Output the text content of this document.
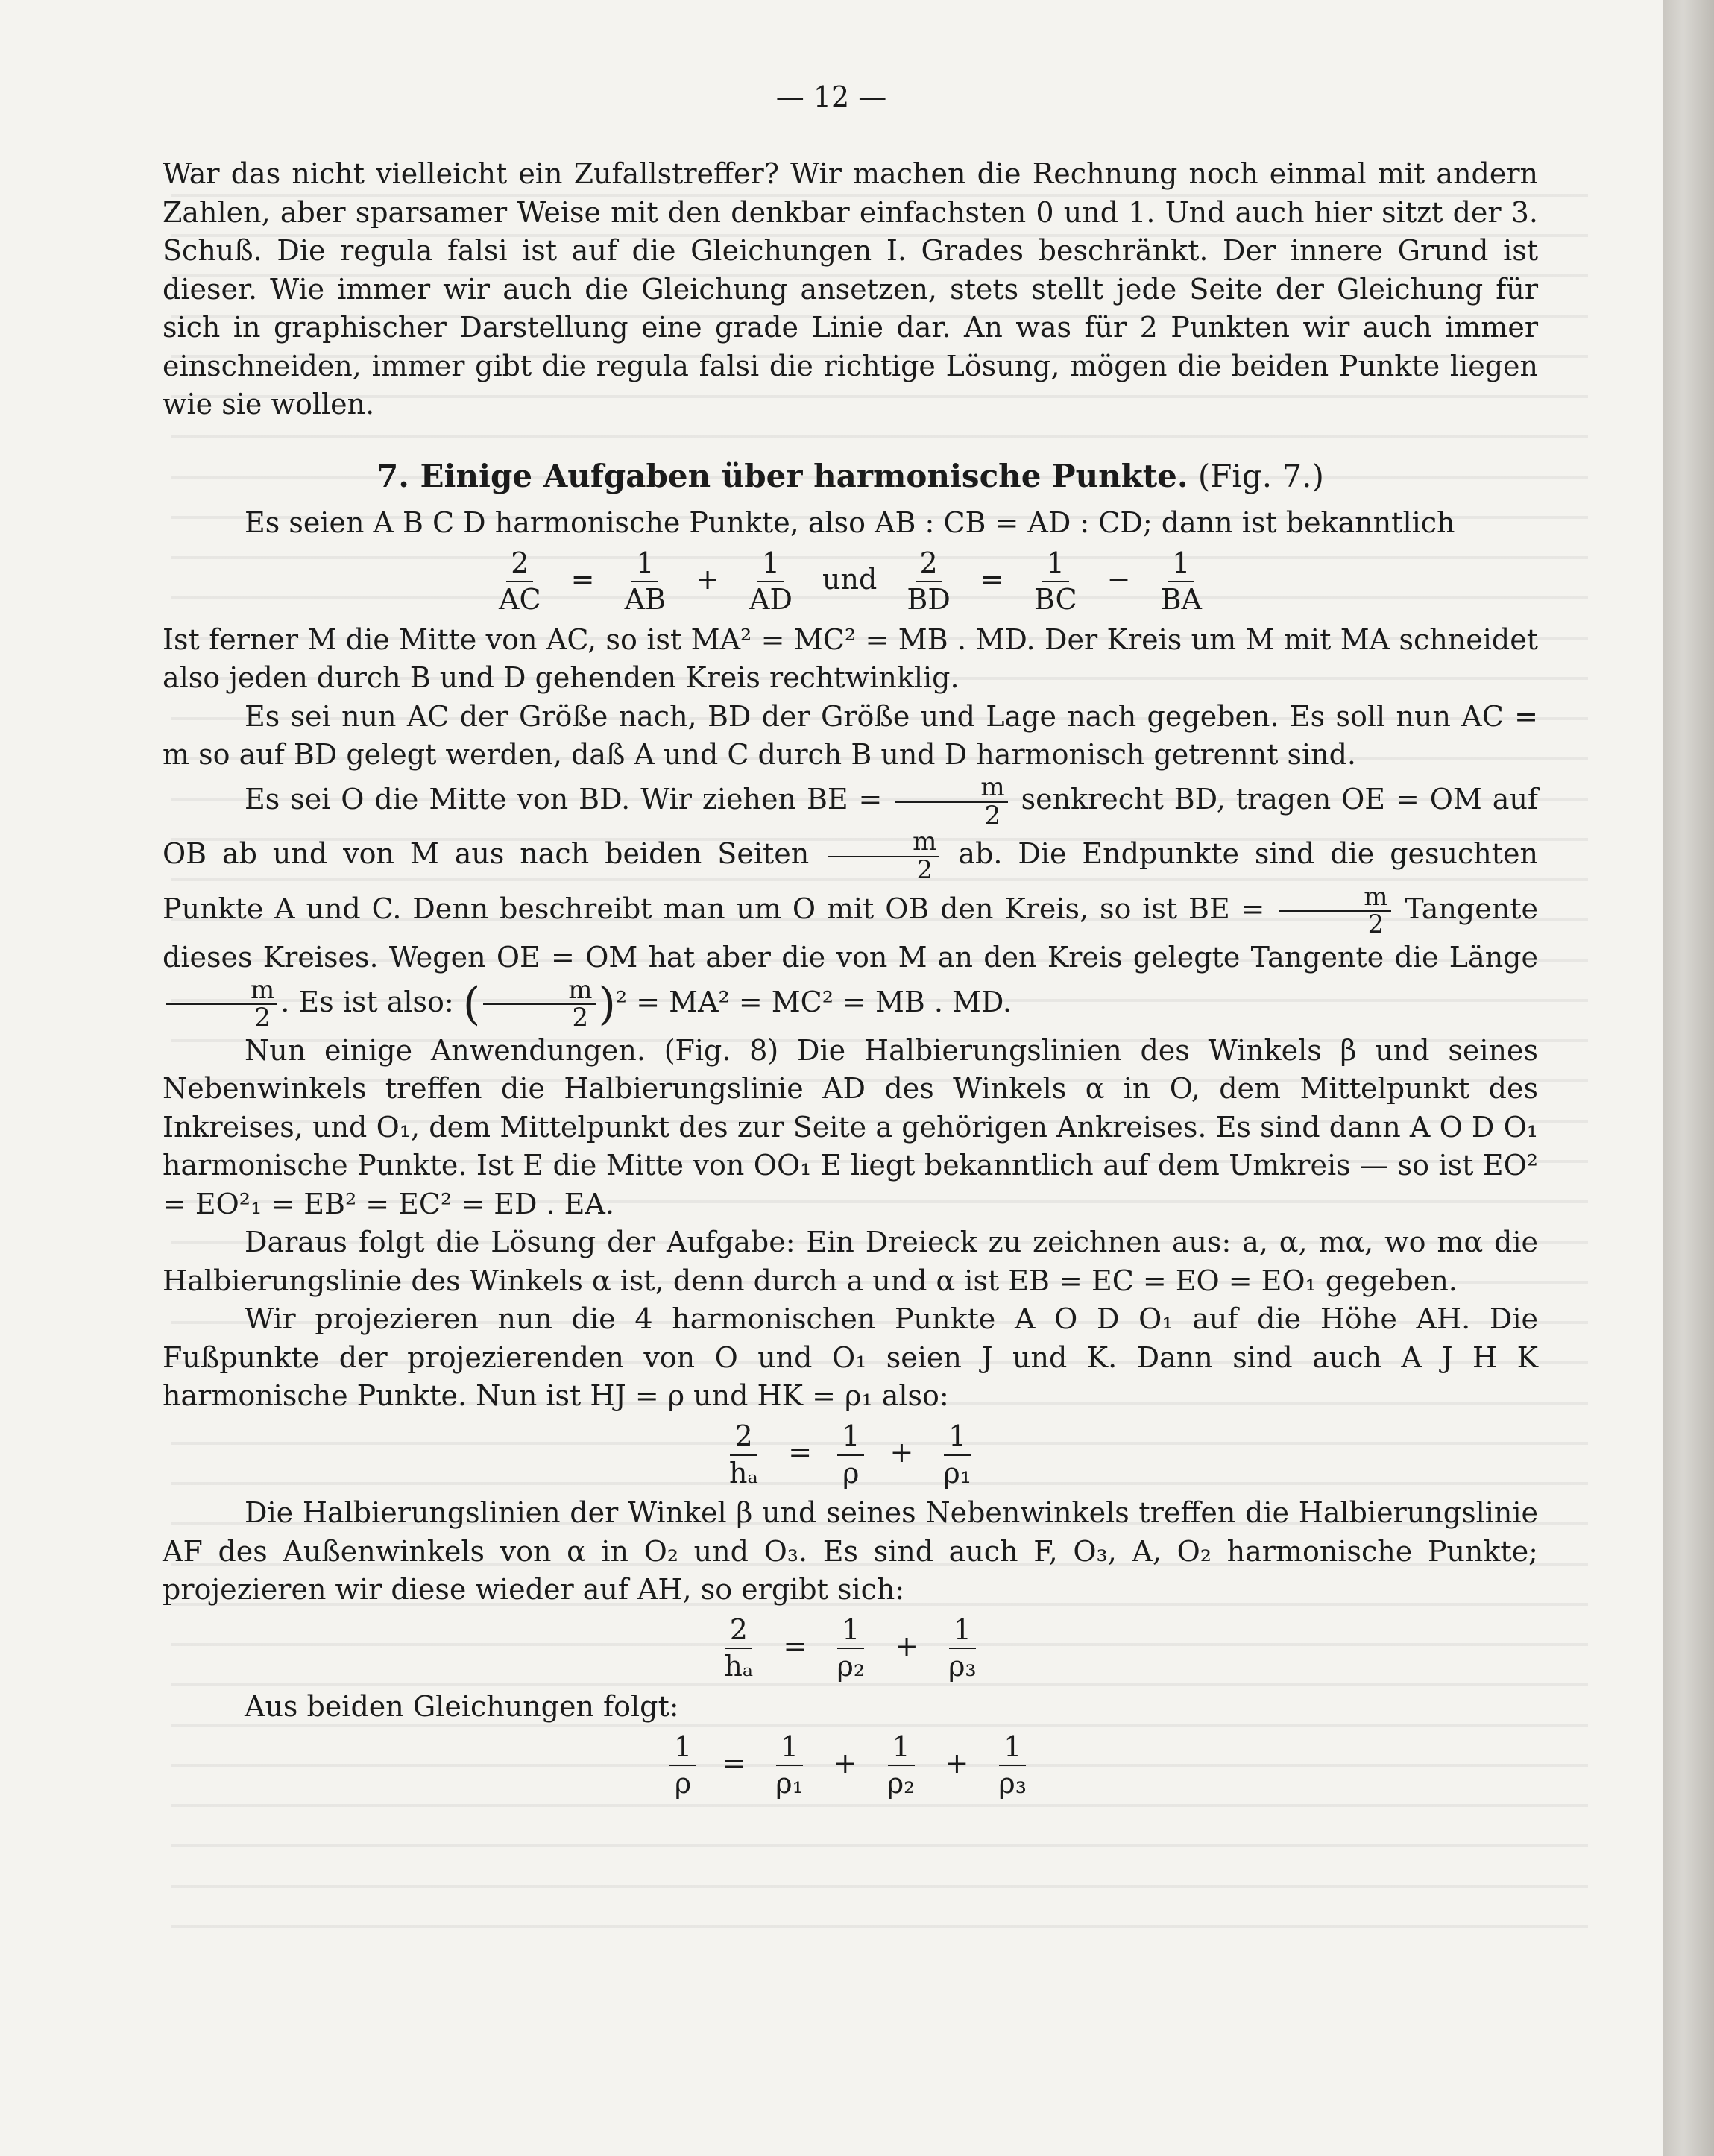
— 12 —

War das nicht vielleicht ein Zufallstreffer? Wir machen die Rechnung noch einmal mit andern Zahlen, aber sparsamer Weise mit den denkbar einfachsten 0 und 1. Und auch hier sitzt der 3. Schuß. Die regula falsi ist auf die Gleichungen I. Grades beschränkt. Der innere Grund ist dieser. Wie immer wir auch die Gleichung ansetzen, stets stellt jede Seite der Gleichung für sich in graphischer Darstellung eine grade Linie dar. An was für 2 Punkten wir auch immer einschneiden, immer gibt die regula falsi die richtige Lösung, mögen die beiden Punkte liegen wie sie wollen.

7. Einige Aufgaben über harmonische Punkte. (Fig. 7.)

Es seien A B C D harmonische Punkte, also AB : CB = AD : CD; dann ist bekanntlich

$\frac{2}{AC} = \frac{1}{AB} + \frac{1}{AD}$ und $\frac{2}{BD} = \frac{1}{BC} - \frac{1}{BA}$

Ist ferner M die Mitte von AC, so ist MA² = MC² = MB . MD. Der Kreis um M mit MA schneidet also jeden durch B und D gehenden Kreis rechtwinklig.

Es sei nun AC der Größe nach, BD der Größe und Lage nach gegeben. Es soll nun AC = m so auf BD gelegt werden, daß A und C durch B und D harmonisch getrennt sind.

Es sei O die Mitte von BD. Wir ziehen BE = $\frac{m}{2}$ senkrecht BD, tragen OE = OM auf OB ab und von M aus nach beiden Seiten $\frac{m}{2}$ ab. Die Endpunkte sind die gesuchten Punkte A und C. Denn beschreibt man um O mit OB den Kreis, so ist BE = $\frac{m}{2}$ Tangente dieses Kreises. Wegen OE = OM hat aber die von M an den Kreis gelegte Tangente die Länge
$\frac{m}{2}$ . Es ist also: ( $\frac{m}{2} )^2 = MA^2 = MC^2$ = MB . MD.

Nun einige Anwendungen. (Fig. 8) Die Halbierungslinien des Winkels β und seines Nebenwinkels treffen die Halbierungslinie AD des Winkels α in O, dem Mittelpunkt des Inkreises, und O₁, dem Mittelpunkt des zur Seite a gehörigen Ankreises. Es sind dann A O D O₁ harmonische Punkte. Ist E die Mitte von OO₁ E liegt bekanntlich auf dem Umkreis — so ist EO² = EO²₁ = EB² = EC² = ED . EA.

Daraus folgt die Lösung der Aufgabe: Ein Dreieck zu zeichnen aus: a, α, mα, wo mα die Halbierungslinie des Winkels α ist, denn durch a und α ist EB = EC = EO = EO₁ gegeben.

Wir projezieren nun die 4 harmonischen Punkte A O D O₁ auf die Höhe AH. Die Fußpunkte der projezierenden von O und O₁ seien J und K. Dann sind auch A J H K harmonische Punkte. Nun ist HJ = ρ und HK = ρ₁ also:

$\frac{2}{\text{hₐ}} = \frac{1}{\rho} + \frac{1}{\text{ρ₁}}$

Die Halbierungslinien der Winkel β und seines Nebenwinkels treffen die Halbierungslinie AF des Außenwinkels von α in O₂ und O₃. Es sind auch F, O₃, A, O₂ harmonische Punkte; projezieren wir diese wieder auf AH, so ergibt sich:

$\frac{2}{\text{hₐ}} = \frac{1}{\text{ρ₂}} + \frac{1}{\text{ρ₃}}$

Aus beiden Gleichungen folgt:

$\frac{1}{\rho} = \frac{1}{\text{ρ₁}} + \frac{1}{\text{ρ₂}} + \frac{1}{\text{ρ₃}}$
